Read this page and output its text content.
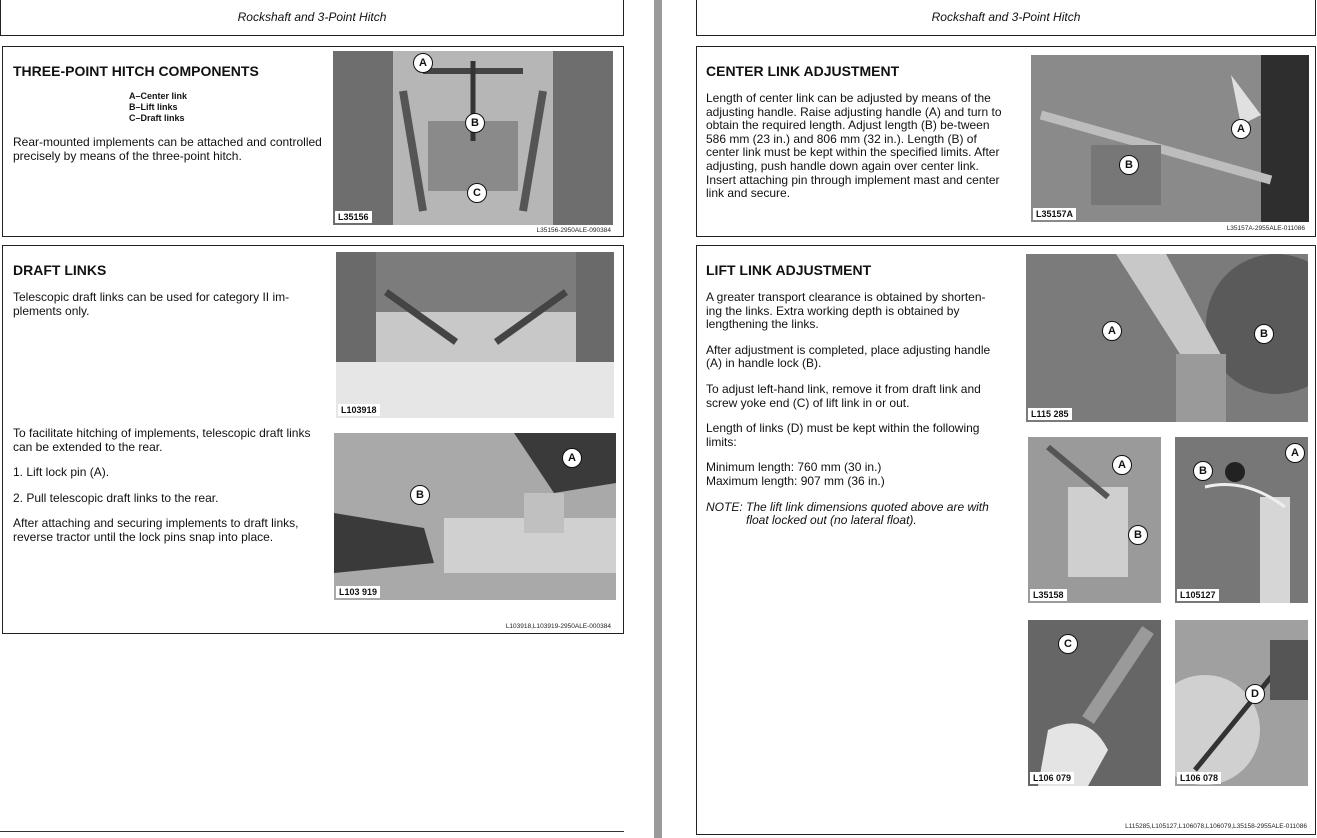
Rockshaft and 3-Point Hitch
THREE-POINT HITCH COMPONENTS
A–Center link
B–Lift links
C–Draft links
Rear-mounted implements can be attached and controlled precisely by means of the three-point hitch.
A
B
C
L35156
L35156-2950ALE-090384
DRAFT LINKS
Telescopic draft links can be used for category II im-plements only.

To facilitate hitching of implements, telescopic draft links can be extended to the rear.

1. Lift lock pin (A).

2. Pull telescopic draft links to the rear.

After attaching and securing implements to draft links, reverse tractor until the lock pins snap into place.

L103918
A
B
L103 919
L103918,L103919-2950ALE-000384
Rockshaft and 3-Point Hitch
CENTER LINK ADJUSTMENT
Length of center link can be adjusted by means of the adjusting handle. Raise adjusting handle (A) and turn to obtain the required length. Adjust length (B) be-tween 586 mm (23 in.) and 806 mm (32 in.). Length (B) of center link must be kept within the specified limits. After adjusting, push handle down again over center link. Insert attaching pin through implement mast and center link and secure.
A
B
L35157A
L35157A-2955ALE-011086
LIFT LINK ADJUSTMENT

A greater transport clearance is obtained by shorten-ing the links. Extra working depth is obtained by lengthening the links.

After adjustment is completed, place adjusting handle (A) in handle lock (B).

To adjust left-hand link, remove it from draft link and screw yoke end (C) of lift link in or out.

Length of links (D) must be kept within the following limits:

Minimum length: 760 mm (30 in.)
Maximum length: 907 mm (36 in.)

NOTE: The lift link dimensions quoted above are with float locked out (no lateral float).

A	B
L115 285
A
B
L35158
A
B
L105127
C
L106 079
D
L106 078
L115285,L105127,L106078,L106079,L35158-2955ALE-011086
